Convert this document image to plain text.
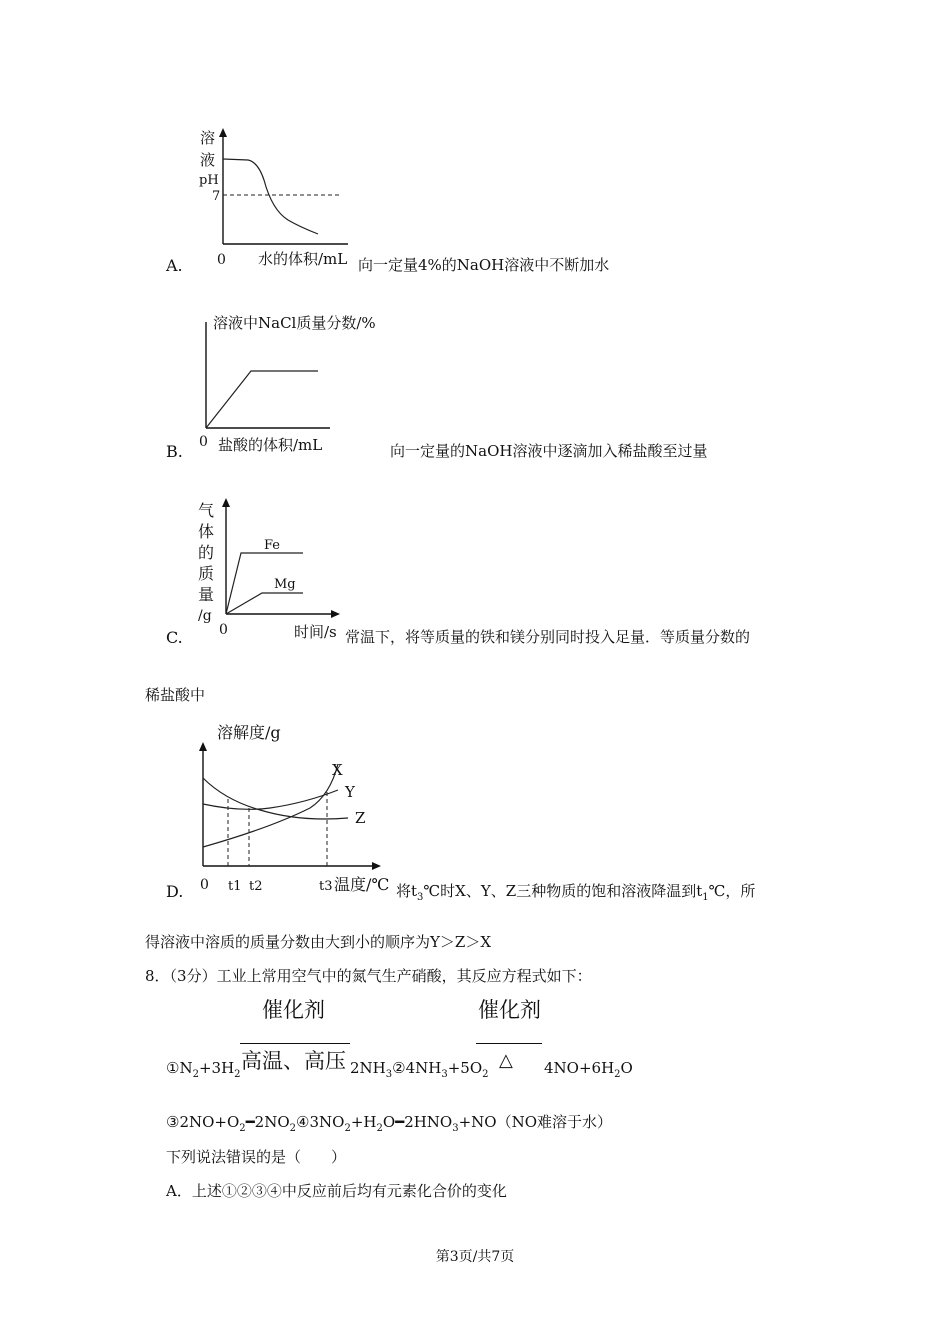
溶
液
pH
7
0 水的体积/mL
A.	向一定量4%的NaOH溶液中不断加水
溶液中NaCl质量分数/%
0 盐酸的体积/mL
B.	向一定量的NaOH溶液中逐滴加入稀盐酸至过量
气
体
的
质
量
/g
Fe
Mg
0	时间/s
C.	常温下，将等质量的铁和镁分别同时投入足量．等质量分数的
稀盐酸中
溶解度/g
X
Y
Z
0 t1 t2	t3 温度/℃
D.	将$t_3℃$时X、Y、Z三种物质的饱和溶液降温到$t_1℃$，所
得溶液中溶质的质量分数由大到小的顺序为Y＞Z＞X
8．（3分）工业上常用空气中的氮气生产硝酸，其反应方程式如下：
催化剂	催化剂
高温、高压	△
$①N_2+3H_2$	$2NH_3②4NH_3+5O_2$	$4NO+6H_2O$
$③2NO+O_2━2NO_2④3NO_2+H_2O━2HNO_3+NO(NO$难溶于水）
下列说法错误的是（　　）
A．上述①②③④中反应前后均有元素化合价的变化
第3页/共7页
